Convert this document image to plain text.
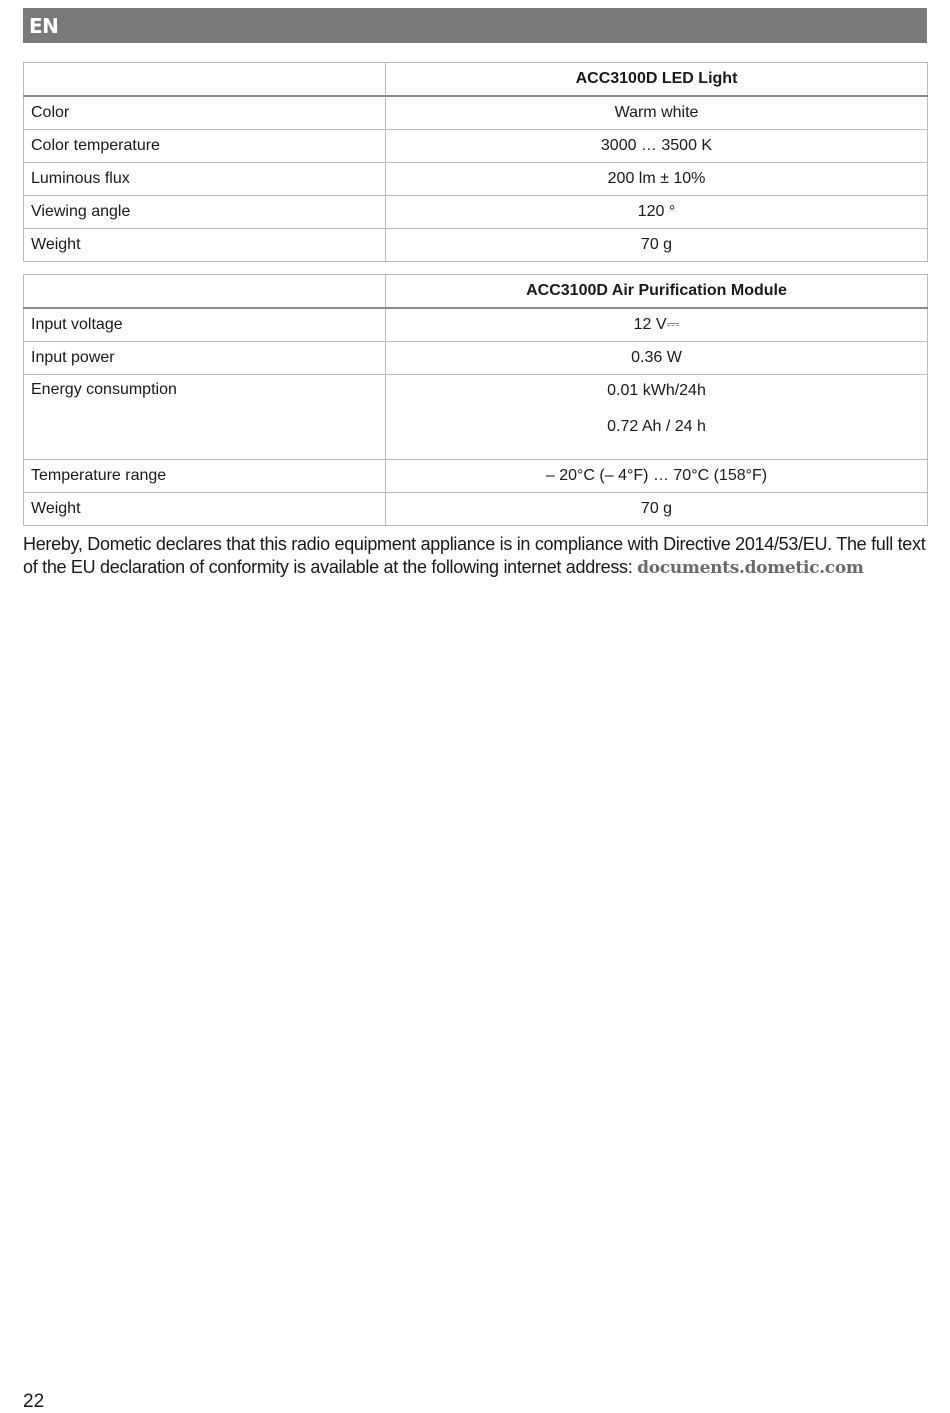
EN
	ACC3100D LED Light
Color	Warm white
Color temperature	3000 … 3500 K
Luminous flux	200 lm ± 10%
Viewing angle	120 °
Weight	70 g
	ACC3100D Air Purification Module
Input voltage	12 V⎓
Input power	0.36 W
Energy consumption	0.01 kWh/24h
0.72 Ah / 24 h

Temperature range	– 20°C (– 4°F) … 70°C (158°F)
Weight	70 g

Hereby, Dometic declares that this radio equipment appliance is in compliance with Directive 2014/53/EU. The full text of the EU declaration of conformity is available at the following internet address: documents.dometic.com

22
